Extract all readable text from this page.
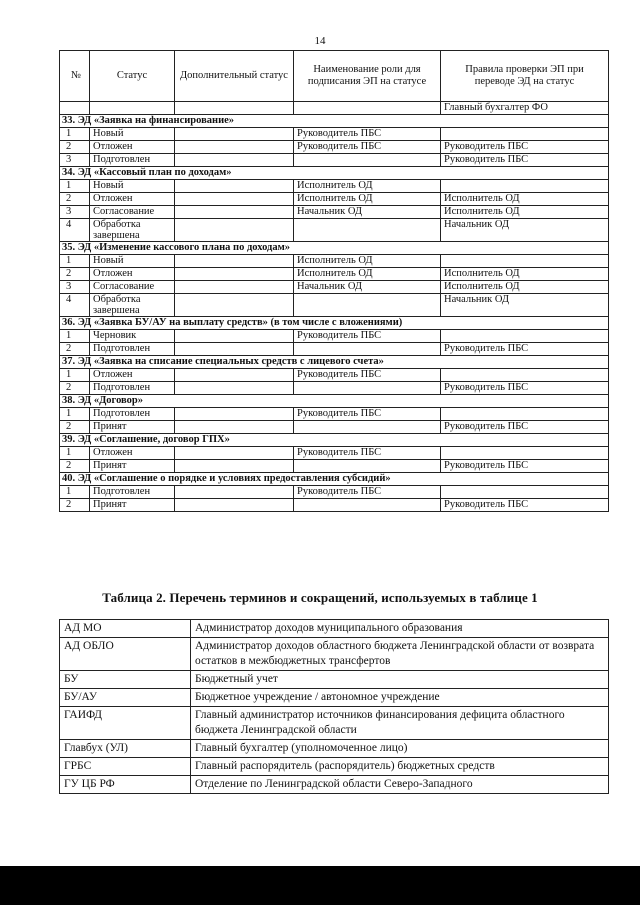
14
№	Статус	Дополнительный статус	Наименование роли для подписания ЭП на статусе	Правила проверки ЭП при переводе ЭД на статус
				Главный бухгалтер ФО
33. ЭД «Заявка на финансирование»				
1	Новый		Руководитель ПБС	
2	Отложен		Руководитель ПБС	Руководитель ПБС
3	Подготовлен			Руководитель ПБС
34. ЭД «Кассовый план по доходам»				
1	Новый		Исполнитель ОД	
2	Отложен		Исполнитель ОД	Исполнитель ОД
3	Согласование		Начальник ОД	Исполнитель ОД
4	Обработка завершена			Начальник ОД
35. ЭД «Изменение кассового плана по доходам»				
1	Новый		Исполнитель ОД	
2	Отложен		Исполнитель ОД	Исполнитель ОД
3	Согласование		Начальник ОД	Исполнитель ОД
4	Обработка завершена			Начальник ОД
36. ЭД «Заявка БУ/АУ на выплату средств» (в том числе с вложениями)				
1	Черновик		Руководитель ПБС	
2	Подготовлен			Руководитель ПБС
37. ЭД «Заявка на списание специальных средств с лицевого счета»				
1	Отложен		Руководитель ПБС	
2	Подготовлен			Руководитель ПБС
38. ЭД «Договор»				
1	Подготовлен		Руководитель ПБС	
2	Принят			Руководитель ПБС
39. ЭД «Соглашение, договор ГПХ»				
1	Отложен		Руководитель ПБС	
2	Принят			Руководитель ПБС
40. ЭД «Соглашение о порядке и условиях предоставления субсидий»				
1	Подготовлен		Руководитель ПБС	
2	Принят			Руководитель ПБС
Таблица 2. Перечень терминов и сокращений, используемых в таблице 1
АД МО	Администратор доходов муниципального образования
АД ОБЛО	Администратор доходов областного бюджета Ленинградской области от возврата остатков в межбюджетных трансфертов
БУ	Бюджетный учет
БУ/АУ	Бюджетное учреждение / автономное учреждение
ГАИФД	Главный администратор источников финансирования дефицита областного бюджета Ленинградской области
Главбух (УЛ)	Главный бухгалтер (уполномоченное лицо)
ГРБС	Главный распорядитель (распорядитель) бюджетных средств
ГУ ЦБ РФ	Отделение по Ленинградской области Северо-Западного
